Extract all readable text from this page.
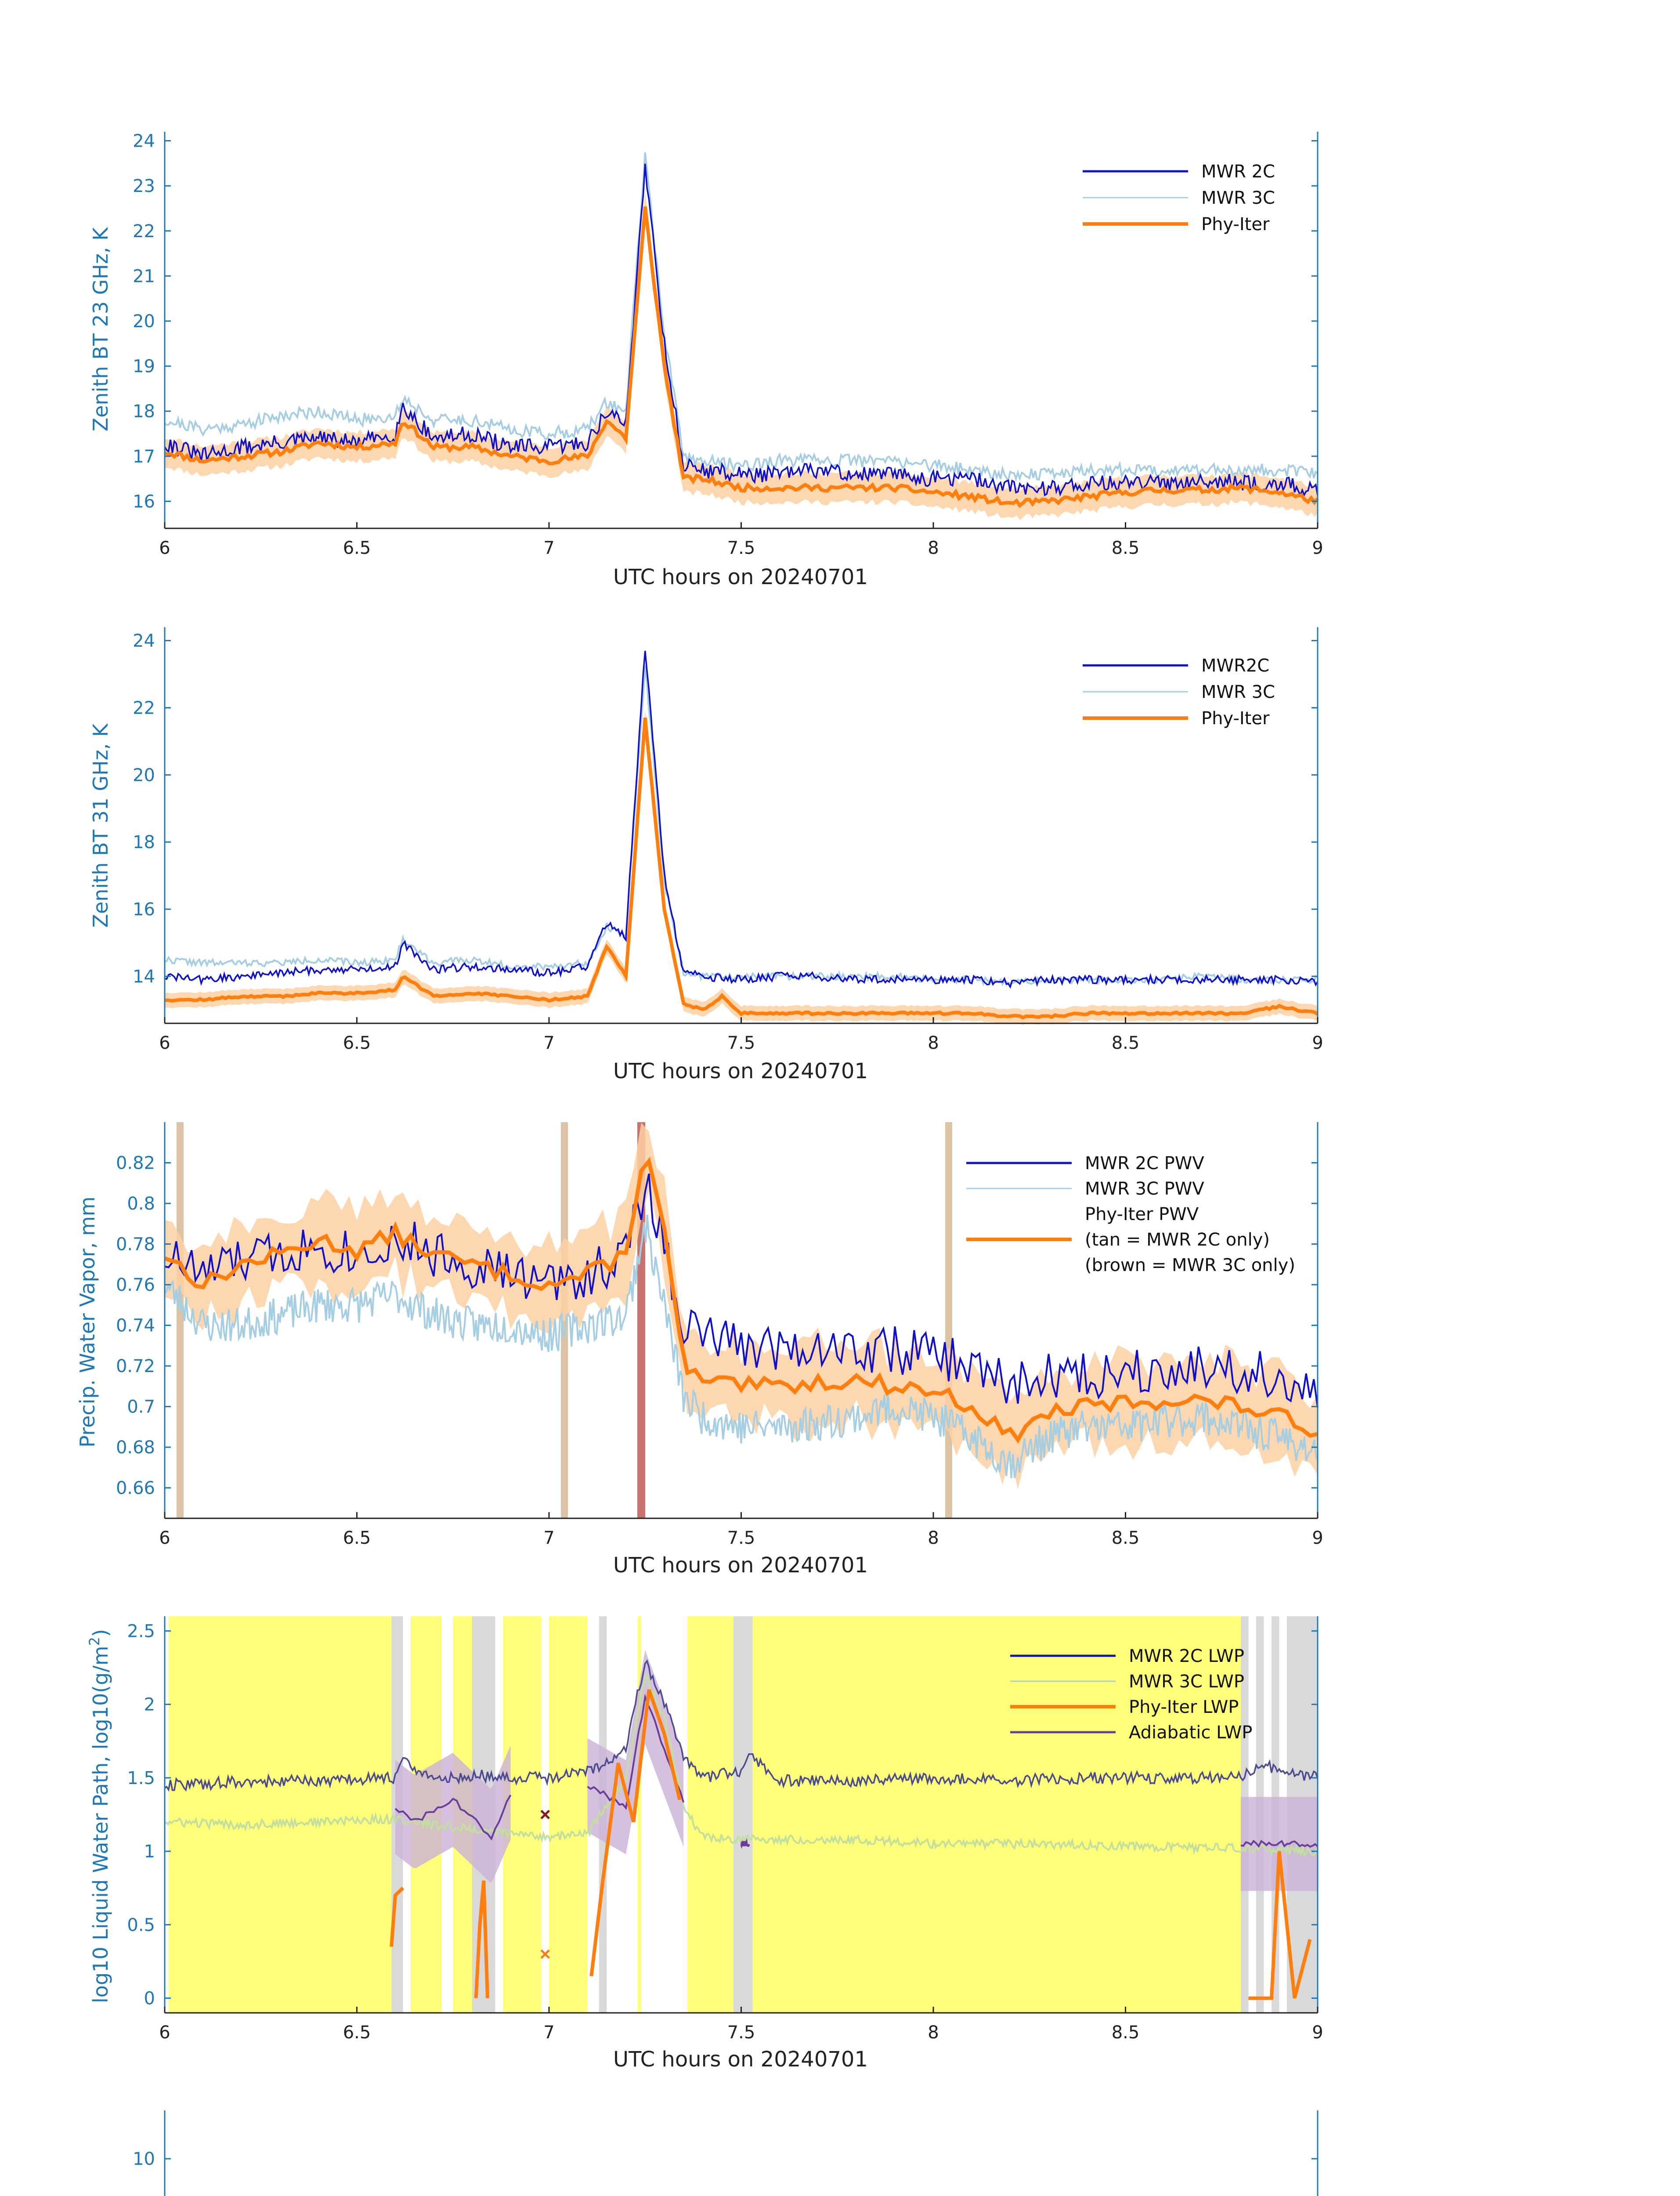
6	6.5	7	7.5	8	8.5	9
16
17
18
19
20
21
22
23
24
UTC hours on 20240701
Zenith BT 23 GHz, K
MWR 2C
MWR 3C
Phy-Iter
6	6.5	7	7.5	8	8.5	9
14
16
18
20
22
24
UTC hours on 20240701
Zenith BT 31 GHz, K
MWR2C
MWR 3C
Phy-Iter
6	6.5	7	7.5	8	8.5	9
0.66
0.68
0.7
0.72
0.74
0.76
0.78
0.8
0.82
UTC hours on 20240701
Precip. Water Vapor, mm
MWR 2C PWV
MWR 3C PWV
Phy-Iter PWV
(tan = MWR 2C only)
(brown = MWR 3C only)
6	6.5	7	7.5	8	8.5	9
0
0.5
1
1.5
2
2.5
UTC hours on 20240701
log10 Liquid Water Path, $\log 10(g/m^2)$
MWR 2C LWP
MWR 3C LWP
Phy-Iter LWP
Adiabatic LWP
10
